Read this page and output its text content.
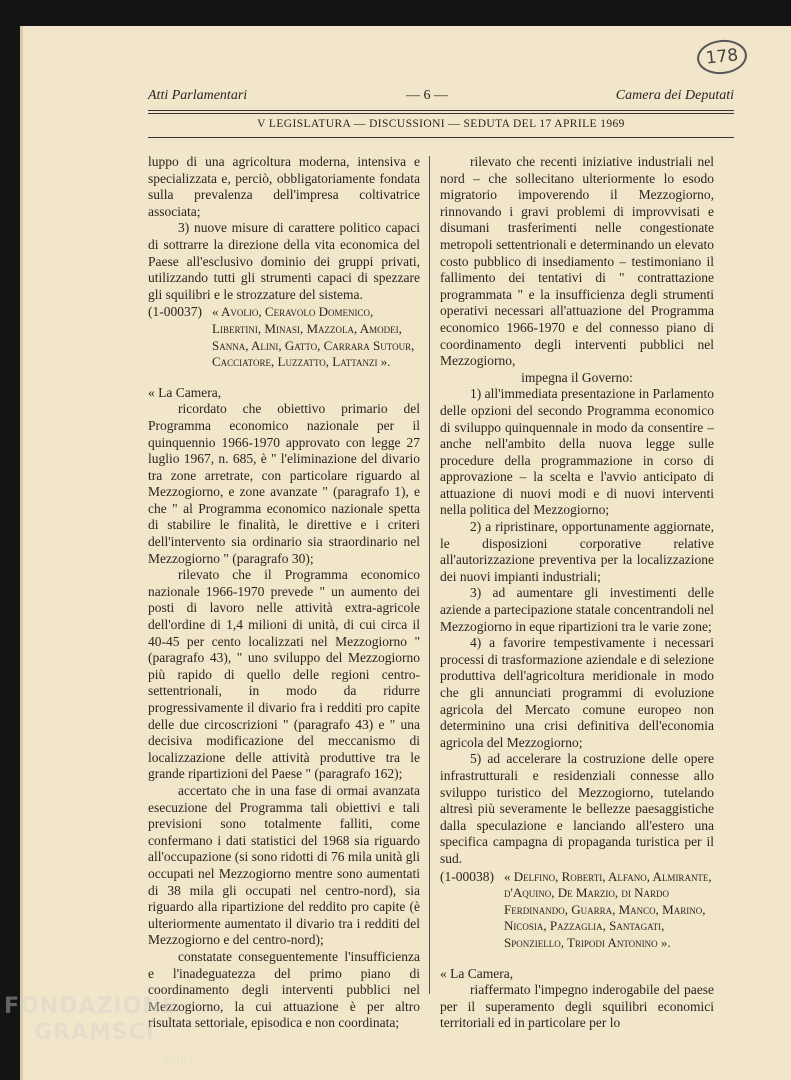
178
Atti Parlamentari	— 6 —	Camera dei Deputati
V LEGISLATURA — DISCUSSIONI — SEDUTA DEL 17 APRILE 1969

luppo di una agricoltura moderna, intensiva e specializzata e, perciò, obbligatoriamente fondata sulla prevalenza dell'impresa coltivatrice associata;

3) nuove misure di carattere politico capaci di sottrarre la direzione della vita economica del Paese all'esclusivo dominio dei gruppi privati, utilizzando tutti gli strumenti capaci di spezzare gli squilibri e le strozzature del sistema.

(1-00037) « Avolio, Ceravolo Domenico, Libertini, Minasi, Mazzola, Amodei, Sanna, Alini, Gatto, Carrara Sutour, Cacciatore, Luzzatto, Lattanzi ».

« La Camera,

ricordato che obiettivo primario del Programma economico nazionale per il quinquennio 1966-1970 approvato con legge 27 luglio 1967, n. 685, è " l'eliminazione del divario tra zone arretrate, con particolare riguardo al Mezzogiorno, e zone avanzate " (paragrafo 1), e che " al Programma economico nazionale spetta di stabilire le finalità, le direttive e i criteri dell'intervento sia ordinario sia straordinario nel Mezzogiorno " (paragrafo 30);

rilevato che il Programma economico nazionale 1966-1970 prevede " un aumento dei posti di lavoro nelle attività extra-agricole dell'ordine di 1,4 milioni di unità, di cui circa il 40-45 per cento localizzati nel Mezzogiorno " (paragrafo 43), " uno sviluppo del Mezzogiorno più rapido di quello delle regioni centro-settentrionali, in modo da ridurre progressivamente il divario fra i redditi pro capite delle due circoscrizioni " (paragrafo 43) e " una decisiva modificazione del meccanismo di localizzazione delle attività produttive tra le grande ripartizioni del Paese " (paragrafo 162);

accertato che in una fase di ormai avanzata esecuzione del Programma tali obiettivi e tali previsioni sono totalmente falliti, come confermano i dati statistici del 1968 sia riguardo all'occupazione (si sono ridotti di 76 mila unità gli occupati nel Mezzogiorno mentre sono aumentati di 38 mila gli occupati nel centro-nord), sia riguardo alla ripartizione del reddito pro capite (è ulteriormente aumentato il divario tra i redditi del Mezzogiorno e del centro-nord);

constatate conseguentemente l'insufficienza e l'inadeguatezza del primo piano di coordinamento degli interventi pubblici nel Mezzogiorno, la cui attuazione è per altro risultata settoriale, episodica e non coordinata;

rilevato che recenti iniziative industriali nel nord – che sollecitano ulteriormente lo esodo migratorio impoverendo il Mezzogiorno, rinnovando i gravi problemi di improvvisati e disumani trasferimenti nelle congestionate metropoli settentrionali e determinando un elevato costo pubblico di insediamento – testimoniano il fallimento dei tentativi di " contrattazione programmata " e la insufficienza degli strumenti operativi necessari all'attuazione del Programma economico 1966-1970 e del connesso piano di coordinamento degli interventi pubblici nel Mezzogiorno,

impegna il Governo:

1) all'immediata presentazione in Parlamento delle opzioni del secondo Programma economico di sviluppo quinquennale in modo da consentire – anche nell'ambito della nuova legge sulle procedure della programmazione in corso di approvazione – la scelta e l'avvio anticipato di attuazione di nuovi modi e di nuovi interventi nella politica del Mezzogiorno;

2) a ripristinare, opportunamente aggiornate, le disposizioni corporative relative all'autorizzazione preventiva per la localizzazione dei nuovi impianti industriali;

3) ad aumentare gli investimenti delle aziende a partecipazione statale concentrandoli nel Mezzogiorno in eque ripartizioni tra le varie zone;

4) a favorire tempestivamente i necessari processi di trasformazione aziendale e di selezione produttiva dell'agricoltura meridionale in modo che gli annunciati programmi di evoluzione agricola del Mercato comune europeo non determinino una crisi definitiva dell'economia agricola del Mezzogiorno;

5) ad accelerare la costruzione delle opere infrastrutturali e residenziali connesse allo sviluppo turistico del Mezzogiorno, tutelando altresì più severamente le bellezze paesaggistiche dalla speculazione e lanciando all'estero una specifica campagna di propaganda turistica per il sud.

(1-00038) « Delfino, Roberti, Alfano, Almirante, d'Aquino, De Marzio, di Nardo Ferdinando, Guarra, Manco, Marino, Nicosia, Pazzaglia, Santagati, Sponziello, Tripodi Antonino ».

« La Camera,

riaffermato l'impegno inderogabile del paese per il superamento degli squilibri economici territoriali ed in particolare per lo

FONDAZIONE
GRAMSCI
onlus
